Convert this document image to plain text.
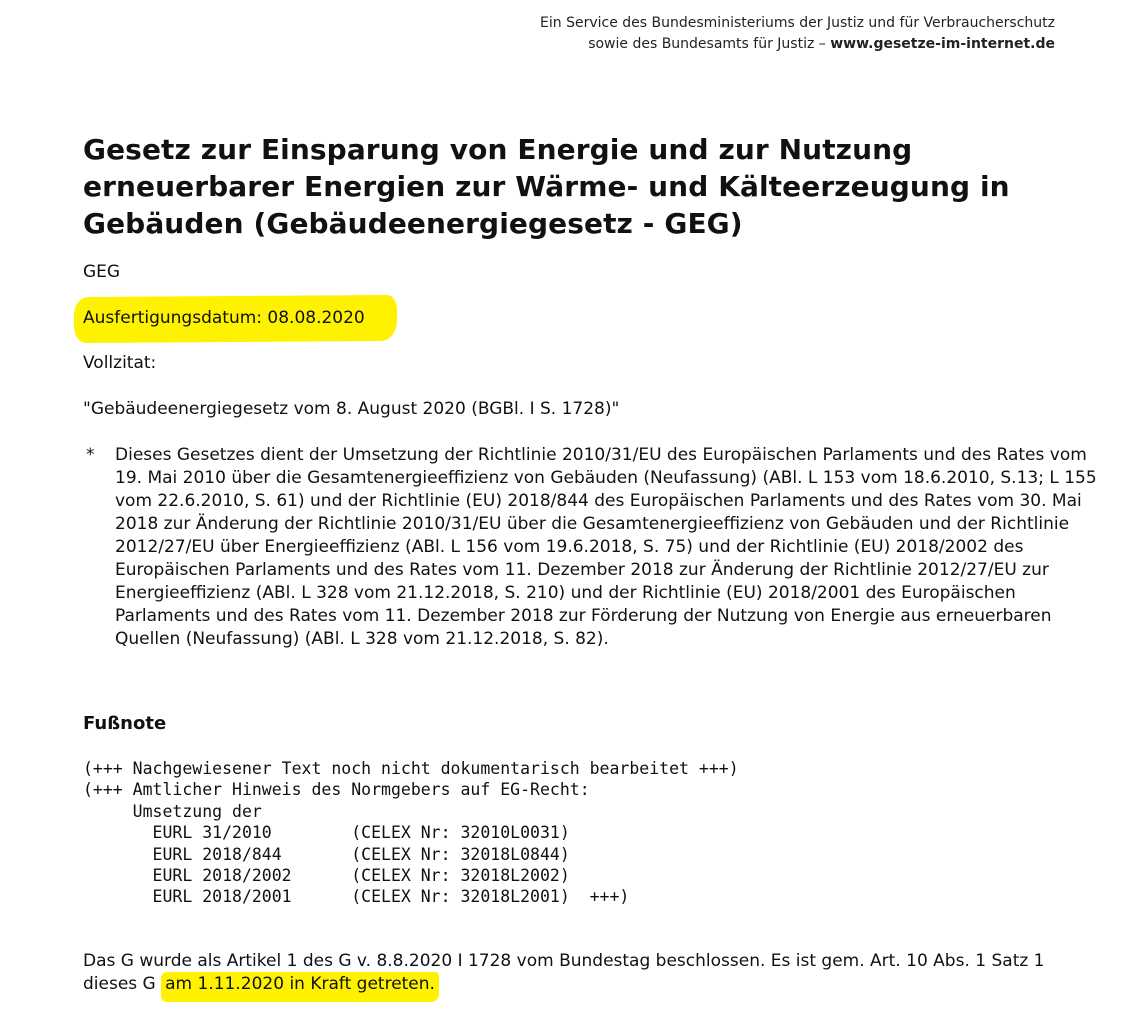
Ein Service des Bundesministeriums der Justiz und für Verbraucherschutz
sowie des Bundesamts für Justiz – www.gesetze-im-internet.de
Gesetz zur Einsparung von Energie und zur Nutzung erneuerbarer Energien zur Wärme- und Kälteerzeugung in Gebäuden (Gebäudeenergiegesetz - GEG)

GEG

Ausfertigungsdatum: 08.08.2020

Vollzitat:

"Gebäudeenergiegesetz vom 8. August 2020 (BGBl. I S. 1728)"

* Dieses Gesetzes dient der Umsetzung der Richtlinie 2010/31/EU des Europäischen Parlaments und des Rates vom 19. Mai 2010 über die Gesamtenergieeffizienz von Gebäuden (Neufassung) (ABl. L 153 vom 18.6.2010, S.13; L 155 vom 22.6.2010, S. 61) und der Richtlinie (EU) 2018/844 des Europäischen Parlaments und des Rates vom 30. Mai 2018 zur Änderung der Richtlinie 2010/31/EU über die Gesamtenergieeffizienz von Gebäuden und der Richtlinie 2012/27/EU über Energieeffizienz (ABl. L 156 vom 19.6.2018, S. 75) und der Richtlinie (EU) 2018/2002 des Europäischen Parlaments und des Rates vom 11. Dezember 2018 zur Änderung der Richtlinie 2012/27/EU zur Energieeffizienz (ABl. L 328 vom 21.12.2018, S. 210) und der Richtlinie (EU) 2018/2001 des Europäischen Parlaments und des Rates vom 11. Dezember 2018 zur Förderung der Nutzung von Energie aus erneuerbaren Quellen (Neufassung) (ABl. L 328 vom 21.12.2018, S. 82).

Fußnote
(+++ Nachgewiesener Text noch nicht dokumentarisch bearbeitet +++)
(+++ Amtlicher Hinweis des Normgebers auf EG-Recht:
Umsetzung der
EURL 31/2010        (CELEX Nr: 32010L0031)
EURL 2018/844       (CELEX Nr: 32018L0844)
EURL 2018/2002      (CELEX Nr: 32018L2002)
EURL 2018/2001      (CELEX Nr: 32018L2001)  +++)

Das G wurde als Artikel 1 des G v. 8.8.2020 I 1728 vom Bundestag beschlossen. Es ist gem. Art. 10 Abs. 1 Satz 1 dieses G am 1.11.2020 in Kraft getreten.
